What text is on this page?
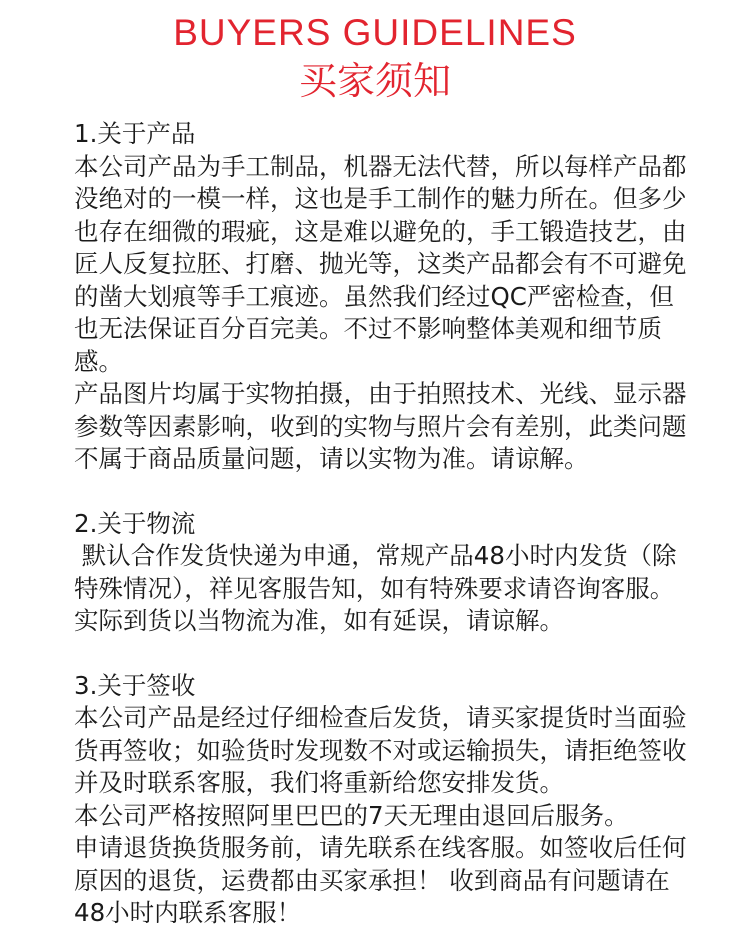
BUYERS GUIDELINES
买家须知

1.关于产品

本公司产品为手工制品，机器无法代替，所以每样产品都没绝对的一模一样，这也是手工制作的魅力所在。但多少也存在细微的瑕疵，这是难以避免的，手工锻造技艺，由匠人反复拉胚、打磨、抛光等，这类产品都会有不可避免的凿大划痕等手工痕迹。虽然我们经过QC严密检查，但也无法保证百分百完美。不过不影响整体美观和细节质感。

产品图片均属于实物拍摄，由于拍照技术、光线、显示器参数等因素影响，收到的实物与照片会有差别，此类问题不属于商品质量问题，请以实物为准。请谅解。

2.关于物流

默认合作发货快递为申通，常规产品48小时内发货（除特殊情况），祥见客服告知，如有特殊要求请咨询客服。实际到货以当物流为准，如有延误，请谅解。

3.关于签收

本公司产品是经过仔细检查后发货，请买家提货时当面验货再签收；如验货时发现数不对或运输损失，请拒绝签收并及时联系客服，我们将重新给您安排发货。

本公司严格按照阿里巴巴的7天无理由退回后服务。

申请退货换货服务前，请先联系在线客服。如签收后任何原因的退货，运费都由买家承担！ 收到商品有问题请在48小时内联系客服！
